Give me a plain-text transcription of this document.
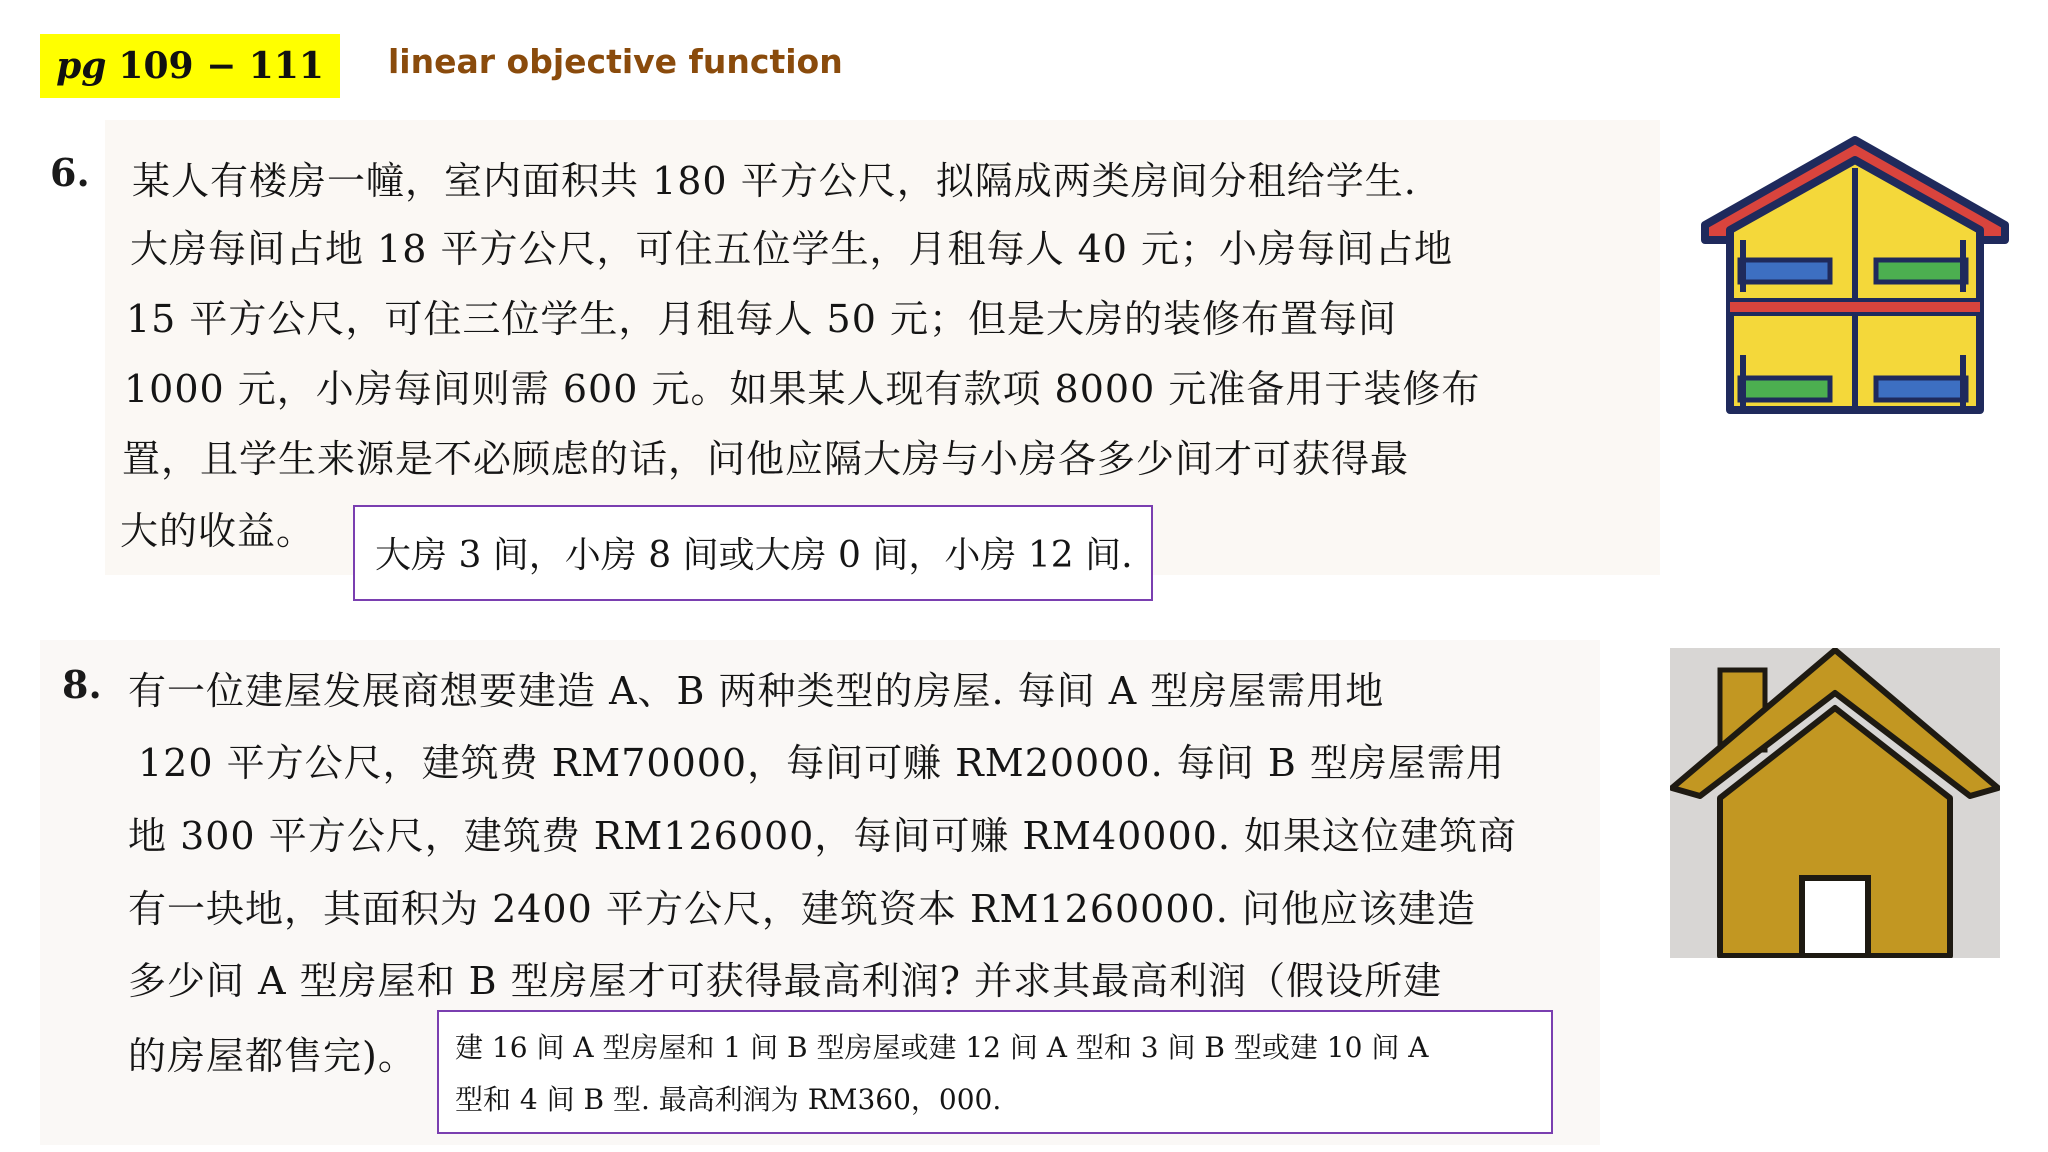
pg 109 − 111 linear objective function
6. 某人有楼房一幢，室内面积共 180 平方公尺，拟隔成两类房间分租给学生.
大房每间占地 18 平方公尺，可住五位学生，月租每人 40 元；小房每间占地
15 平方公尺，可住三位学生，月租每人 50 元；但是大房的装修布置每间
1000 元，小房每间则需 600 元。如果某人现有款项 8000 元准备用于装修布
置，且学生来源是不必顾虑的话，问他应隔大房与小房各多少间才可获得最
大的收益。
大房 3 间，小房 8 间或大房 0 间，小房 12 间.
8. 有一位建屋发展商想要建造 A、B 两种类型的房屋. 每间 A 型房屋需用地
120 平方公尺，建筑费 RM70000，每间可赚 RM20000. 每间 B 型房屋需用
地 300 平方公尺，建筑费 RM126000，每间可赚 RM40000. 如果这位建筑商
有一块地，其面积为 2400 平方公尺，建筑资本 RM1260000. 问他应该建造
多少间 A 型房屋和 B 型房屋才可获得最高利润? 并求其最高利润（假设所建
的房屋都售完)。 建 16 间 A 型房屋和 1 间 B 型房屋或建 12 间 A 型和 3 间 B 型或建 10 间 A
型和 4 间 B 型. 最高利润为 RM360，000.
